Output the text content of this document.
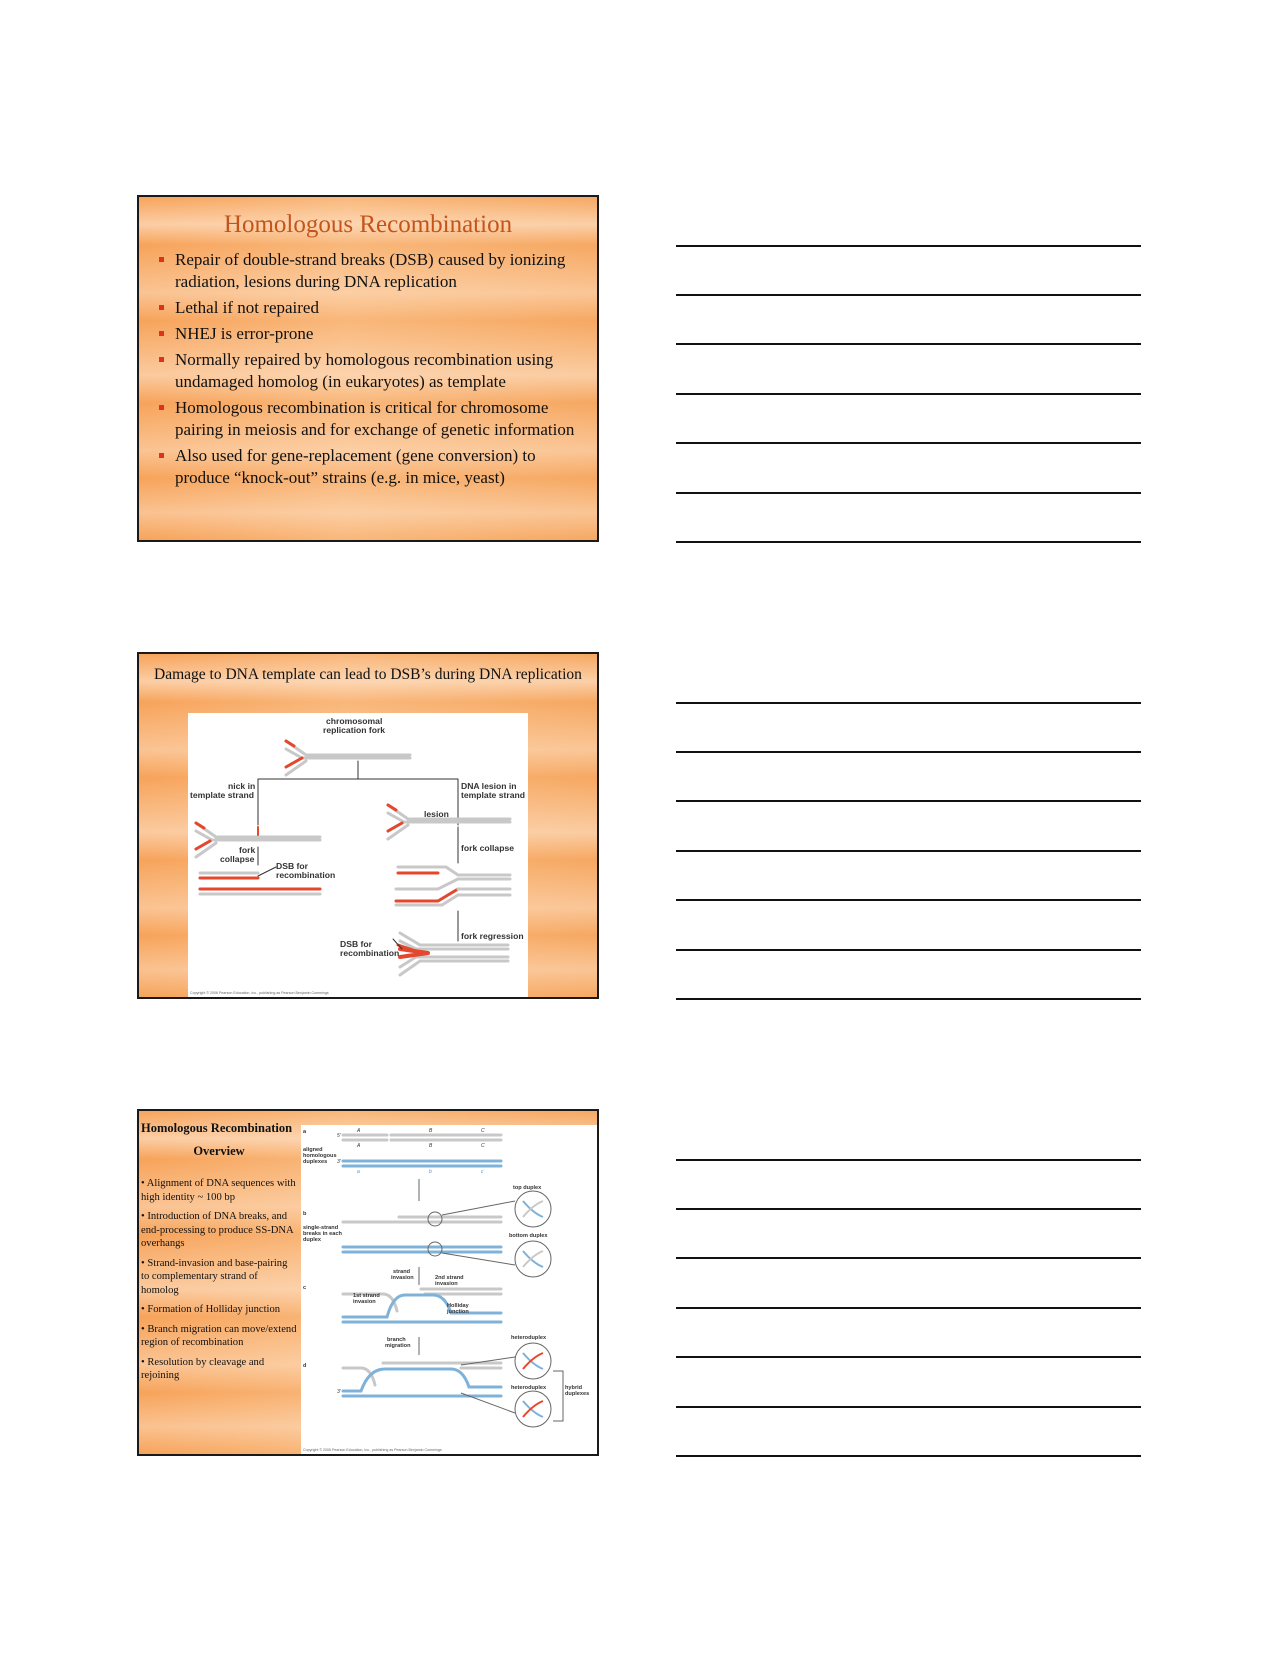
Homologous Recombination
Repair of double-strand breaks (DSB) caused by ionizing radiation, lesions during DNA replication
Lethal if not repaired
NHEJ is error-prone
Normally repaired by homologous recombination using undamaged homolog (in eukaryotes) as template
Homologous recombination is critical for chromosome pairing in meiosis and for exchange of genetic information
Also used for gene-replacement (gene conversion) to produce “knock-out” strains (e.g. in mice, yeast)
Damage to DNA template can lead to DSB’s during DNA replication
chromosomal
replication fork
nick in
template strand
DNA lesion in
template strand
lesion
fork
collapse
fork collapse
DSB for
recombination
fork regression
DSB for
recombination
Copyright © 2006 Pearson Education, Inc., publishing as Pearson Benjamin Cummings
Homologous Recombination
Overview
• Alignment of DNA sequences with high identity ~ 100 bp
• Introduction of DNA breaks, and end-processing to produce SS-DNA overhangs
• Strand-invasion and base-pairing to complementary strand of homolog
• Formation of Holliday junction
• Branch migration can move/extend region of recombination
• Resolution by cleavage and rejoining
a
aligned
homologous
duplexes
b
single-strand
breaks in each
duplex
c
d
top duplex
bottom duplex
strand
invasion	2nd strand
invasion
1st strand
invasion
Holliday
junction
branch
migration
heteroduplex
heteroduplex	hybrid
duplexes
A	B	C
A	B	C
a	b	c
5'
3'
3'
Copyright © 2006 Pearson Education, Inc., publishing as Pearson Benjamin Cummings
